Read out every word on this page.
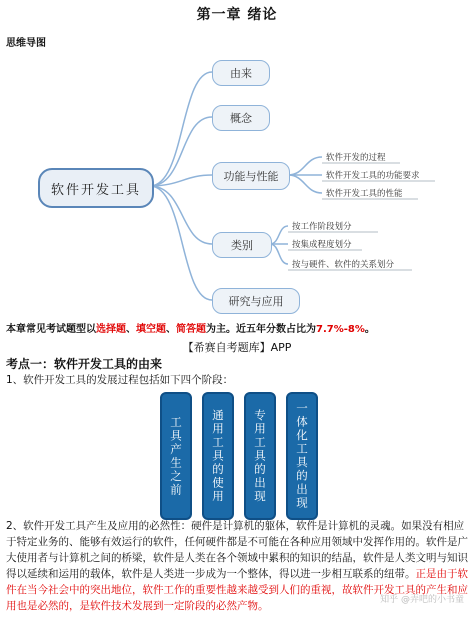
第一章 绪论
思维导图
软件开发工具
由来
概念
功能与性能
类别
研究与应用
软件开发的过程
软件开发工具的功能要求
软件开发工具的性能
按工作阶段划分
按集成程度划分
按与硬件、软件的关系划分
本章常见考试题型以选择题、填空题、简答题为主。近五年分数占比为7.7%-8%。
【希赛自考题库】APP
考点一：软件开发工具的由来
1、软件开发工具的发展过程包括如下四个阶段：
工具产生之前	通用工具的使用	专用工具的出现	一体化工具的出现
2、软件开发工具产生及应用的必然性：硬件是计算机的躯体，软件是计算机的灵魂。如果没有相应于特定业务的、能够有效运行的软件，任何硬件都是不可能在各种应用领域中发挥作用的。软件是广大使用者与计算机之间的桥梁，软件是人类在各个领域中累积的知识的结晶，软件是人类文明与知识得以延续和运用的载体，软件是人类进一步成为一个整体，得以进一步相互联系的纽带。正是由于软件在当今社会中的突出地位，软件工作的重要性越来越受到人们的重视，故软件开发工具的产生和应用也是必然的，是软件技术发展到一定阶段的必然产物。	知乎 @弄吧的小书童
